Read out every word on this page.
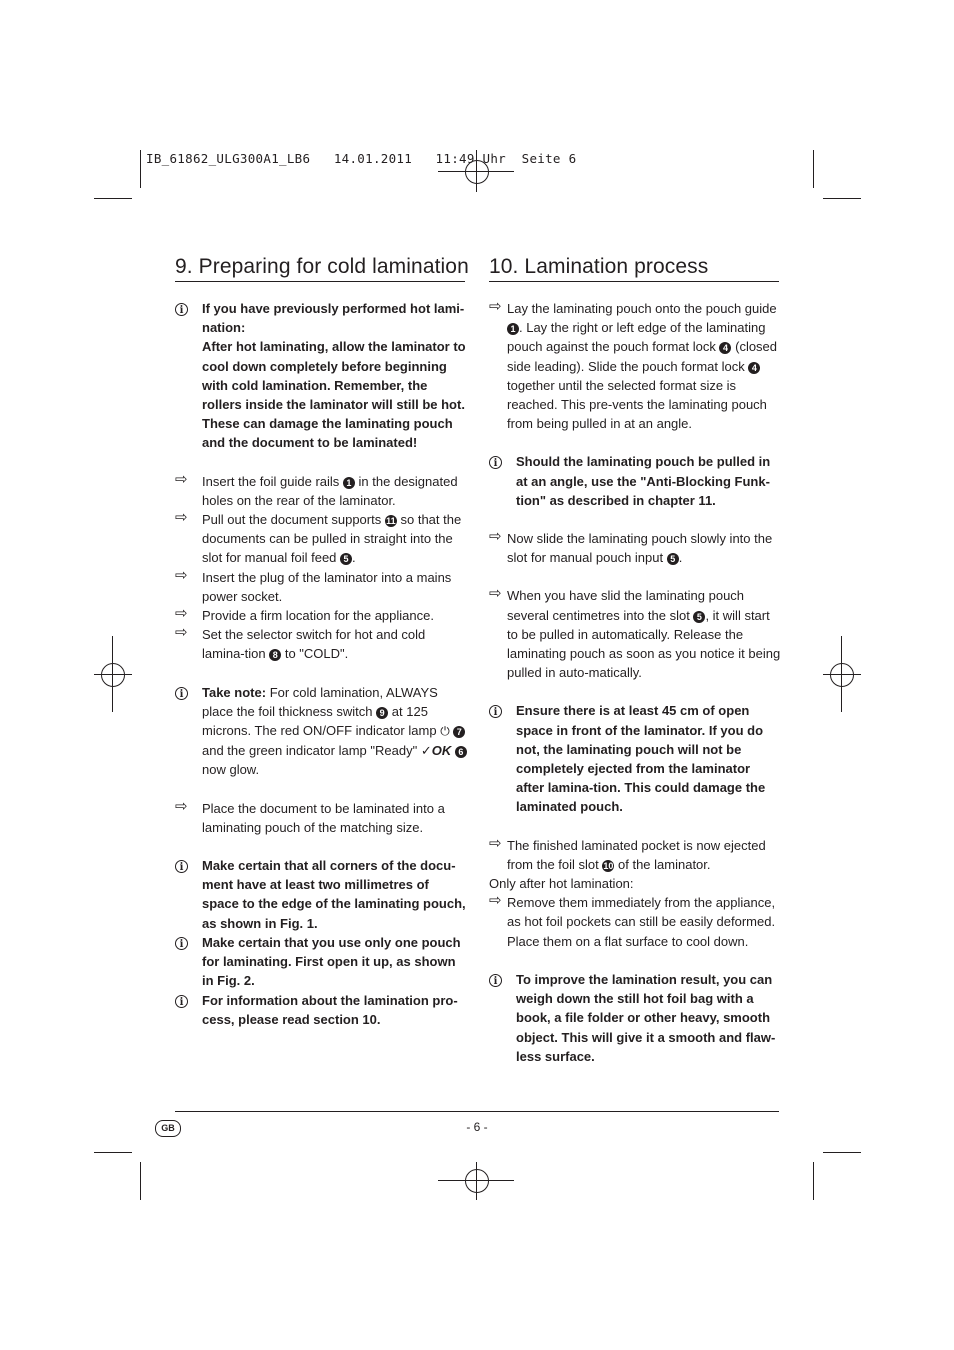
IB_61862_ULG300A1_LB6   14.01.2011   11:49 Uhr  Seite 6
9. Preparing for cold lamination
i	If you have previously performed hot lami-nation:
After hot laminating, allow the laminator to cool down completely before beginning with cold lamination. Remember, the rollers inside the laminator will still be hot. These can damage the laminating pouch and the document to be laminated!
⇨	Insert the foil guide rails 1 in the designated holes on the rear of the laminator.
⇨	Pull out the document supports 11 so that the documents can be pulled in straight into the slot for manual foil feed 5 .
⇨	Insert the plug of the laminator into a mains power socket.
⇨	Provide a firm location for the appliance.
⇨	Set the selector switch for hot and cold lamina-tion 8 to "COLD".
i	Take note: For cold lamination, ALWAYS place the foil thickness switch 9 at 125 microns. The red ON/OFF indicator lamp ⏻ 7 and the green indicator lamp "Ready" ✓OK 6
now glow.
⇨	Place the document to be laminated into a laminating pouch of the matching size.
i	Make certain that all corners of the docu-ment have at least two millimetres of space to the edge of the laminating pouch, as shown in Fig. 1.
i	Make certain that you use only one pouch for laminating. First open it up, as shown in Fig. 2.
i	For information about the lamination pro-cess, please read section 10.
10. Lamination process
⇨ Lay the laminating pouch onto the pouch guide 1 . Lay the right or left edge of the laminating pouch against the pouch format lock 4 (closed side leading). Slide the pouch format lock 4 together until the selected format size is reached. This pre-vents the laminating pouch from being pulled in at an angle.
i	Should the laminating pouch be pulled in at an angle, use the "Anti-Blocking Funk-tion" as described in chapter 11.
⇨ Now slide the laminating pouch slowly into the slot for manual pouch input 5 .
⇨ When you have slid the laminating pouch several centimetres into the slot 5 , it will start to be pulled in automatically. Release the laminating pouch as soon as you notice it being pulled in auto-matically.
i	Ensure there is at least 45 cm of open space in front of the laminator. If you do not, the laminating pouch will not be completely ejected from the laminator after lamina-tion. This could damage the laminated pouch.
⇨ The finished laminated pocket is now ejected from the foil slot 10 of the laminator.
Only after hot lamination:
⇨ Remove them immediately from the appliance, as hot foil pockets can still be easily deformed. Place them on a flat surface to cool down.
i	To improve the lamination result, you can weigh down the still hot foil bag with a book, a file folder or other heavy, smooth object. This will give it a smooth and flaw-less surface.
GB	- 6 -
